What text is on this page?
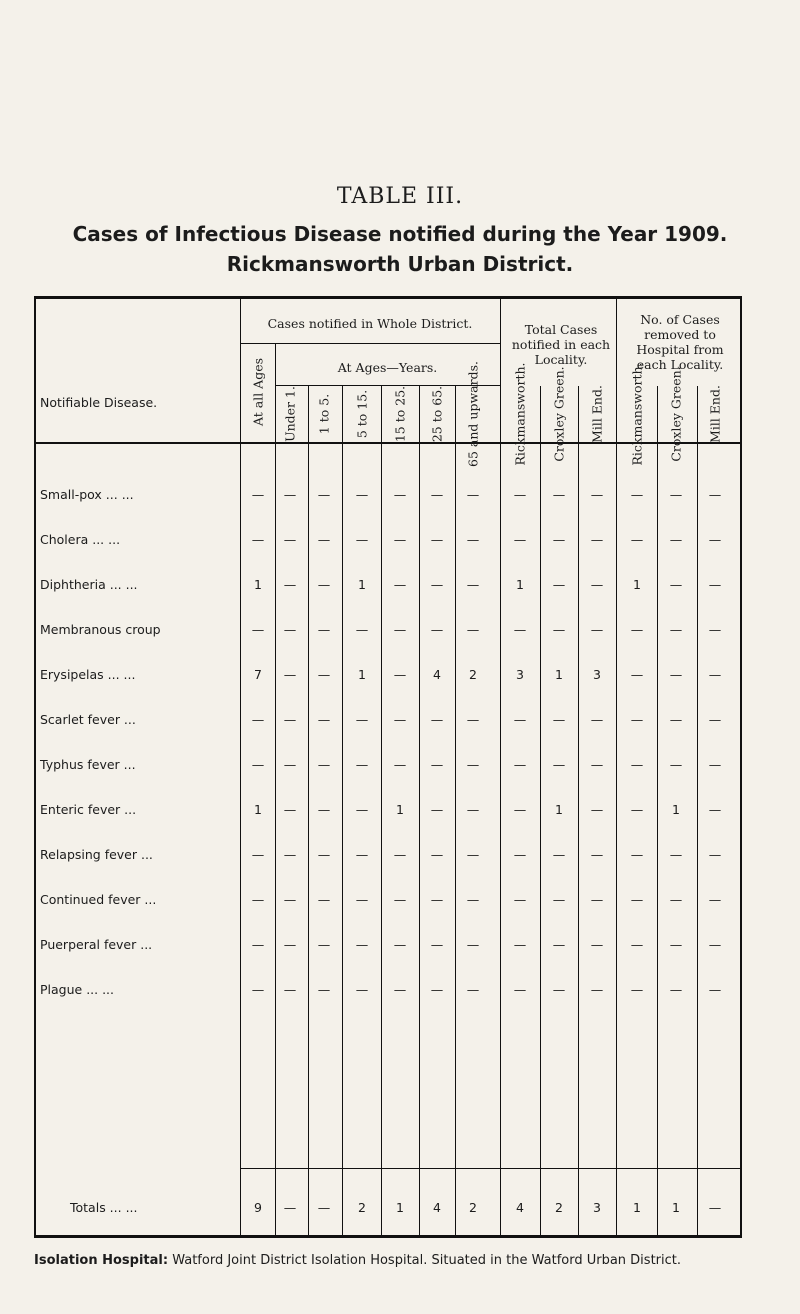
TABLE III.
Cases of Infectious Disease notified during the Year 1909.
Rickmansworth Urban District.
Cases notified in Whole District.
At Ages—Years.
Total Cases notified in each Locality.
No. of Cases removed to Hospital from each Locality.
Notifiable Disease.	At all Ages Under 1. 1 to 5. 5 to 15. 15 to 25. 25 to 65. 65 and upwards.	Rickmansworth. Croxley Green. Mill End. Rickmansworth. Croxley Green. Mill End.
Small-pox ... ...	—	—	—	—	—	—	—	—	—	—	—	—	—
Cholera ... ...	—	—	—	—	—	—	—	—	—	—	—	—	—
Diphtheria ... ...	1	—	—	1	—	—	—	1	—	—	1	—	—
Membranous croup	—	—	—	—	—	—	—	—	—	—	—	—	—
Erysipelas ... ...	7	—	—	1	—	4	2	3	1	3	—	—	—
Scarlet fever ...	—	—	—	—	—	—	—	—	—	—	—	—	—
Typhus fever ...	—	—	—	—	—	—	—	—	—	—	—	—	—
Enteric fever ...	1	—	—	—	1	—	—	—	1	—	—	1	—
Relapsing fever ...	—	—	—	—	—	—	—	—	—	—	—	—	—
Continued fever ...	—	—	—	—	—	—	—	—	—	—	—	—	—
Puerperal fever ...	—	—	—	—	—	—	—	—	—	—	—	—	—
Plague ... ...	—	—	—	—	—	—	—	—	—	—	—	—	—
Totals ... ...	9	—	—	2	1	4	2	4	2	3	1	1	—
Isolation Hospital: Watford Joint District Isolation Hospital. Situated in the Watford Urban District.
